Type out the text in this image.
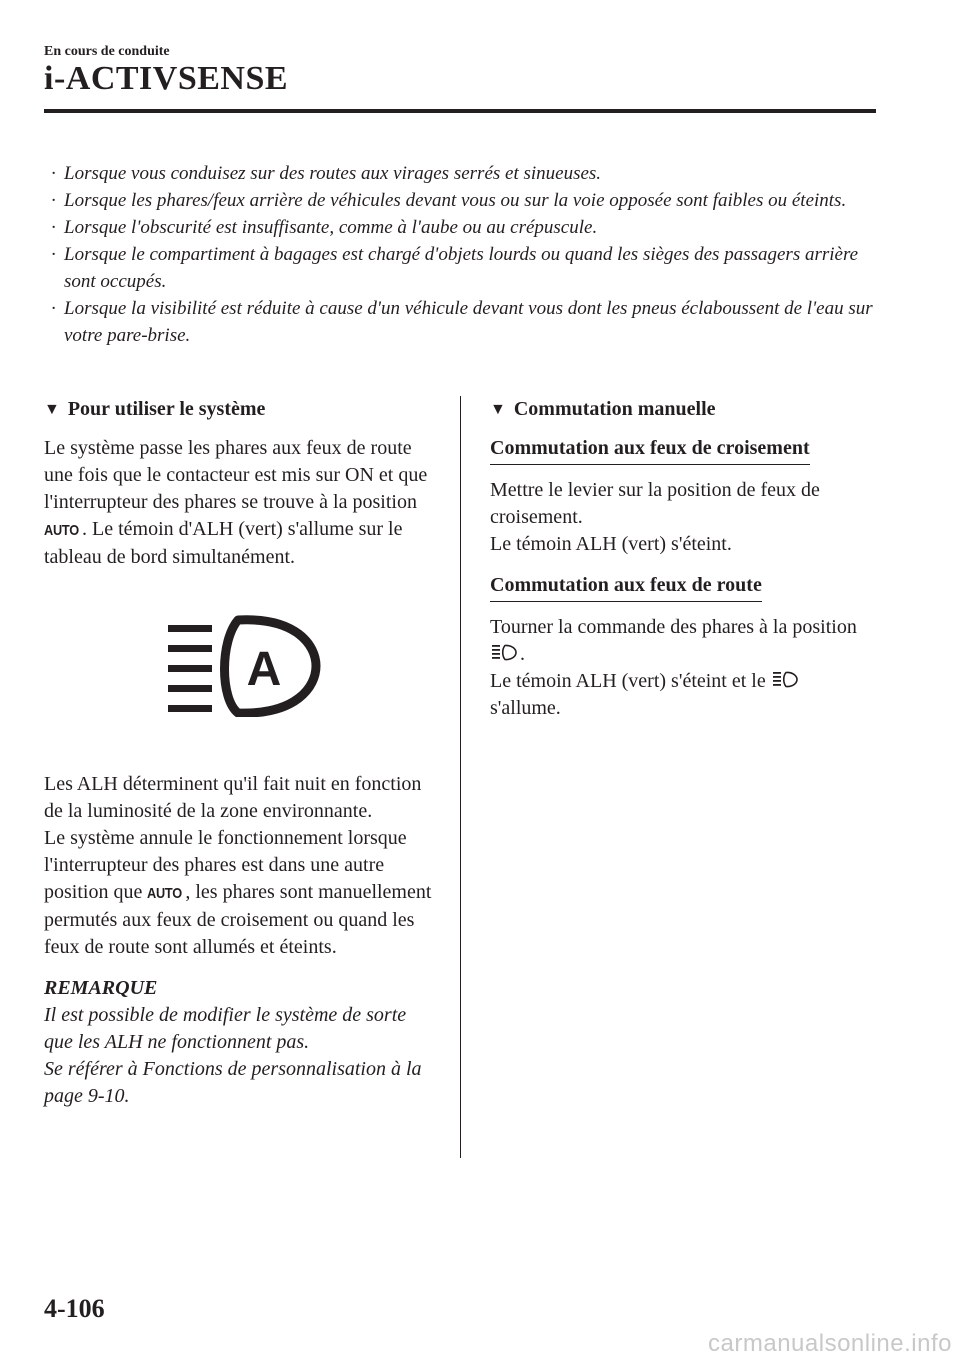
En cours de conduite
i-ACTIVSENSE
· Lorsque vous conduisez sur des routes aux virages serrés et sinueuses.
· Lorsque les phares/feux arrière de véhicules devant vous ou sur la voie opposée sont faibles ou éteints.
· Lorsque l'obscurité est insuffisante, comme à l'aube ou au crépuscule.
· Lorsque le compartiment à bagages est chargé d'objets lourds ou quand les sièges des passagers arrière sont occupés.
· Lorsque la visibilité est réduite à cause d'un véhicule devant vous dont les pneus éclaboussent de l'eau sur votre pare-brise.
▼ Pour utiliser le système

Le système passe les phares aux feux de route une fois que le contacteur est mis sur ON et que l'interrupteur des phares se trouve à la position AUTO . Le témoin d'ALH (vert) s'allume sur le tableau de bord simultanément.

A

Les ALH déterminent qu'il fait nuit en fonction de la luminosité de la zone environnante.

Le système annule le fonctionnement lorsque l'interrupteur des phares est dans une autre position que AUTO , les phares sont manuellement permutés aux feux de croisement ou quand les feux de route sont allumés et éteints.

REMARQUE

Il est possible de modifier le système de sorte que les ALH ne fonctionnent pas.

Se référer à Fonctions de personnalisation à la page 9-10.

▼ Commutation manuelle
Commutation aux feux de croisement

Mettre le levier sur la position de feux de croisement.

Le témoin ALH (vert) s'éteint.

Commutation aux feux de route

Tourner la commande des phares à la position .

Le témoin ALH (vert) s'éteint et le
s'allume.

4-106
carmanualsonline.info
